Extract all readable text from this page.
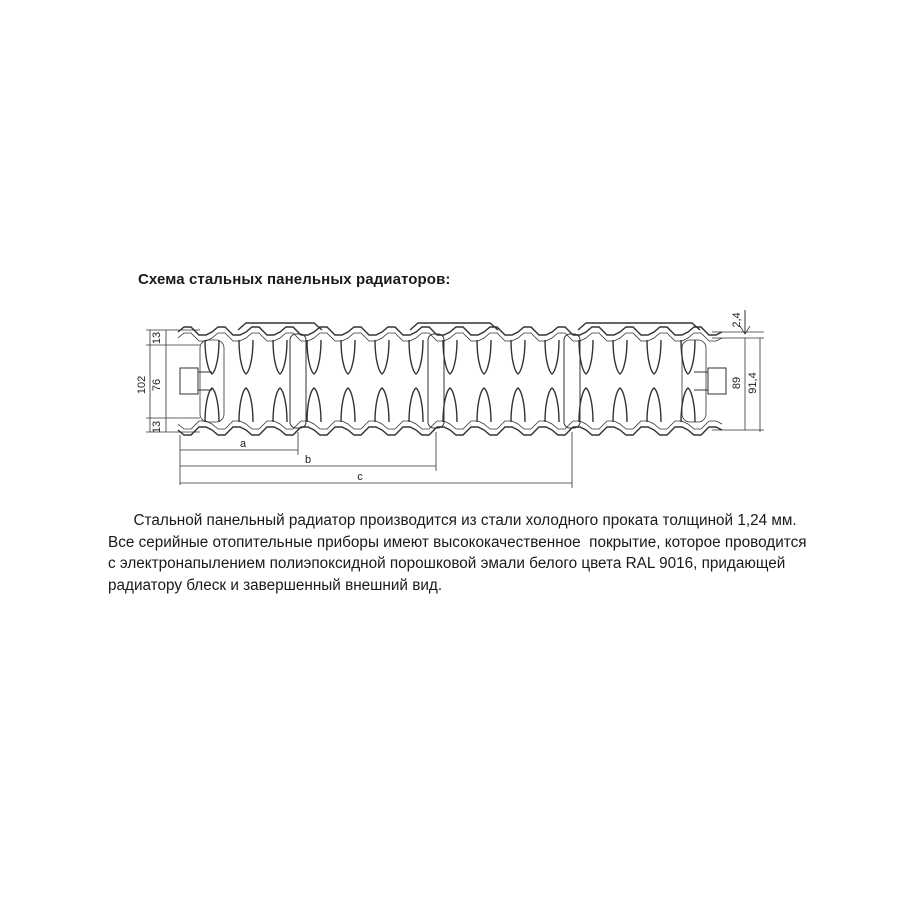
Схема стальных панельных радиаторов:
13
102 76
13
2,4
89 91,4
a
b
c

Стальной панельный радиатор производится из стали холодного проката толщиной 1,24 мм.
Все серийные отопительные приборы имеют высококачественное  покрытие, которое проводится
с электронапылением полиэпоксидной порошковой эмали белого цвета RAL 9016, придающей
радиатору блеск и завершенный внешний вид.
